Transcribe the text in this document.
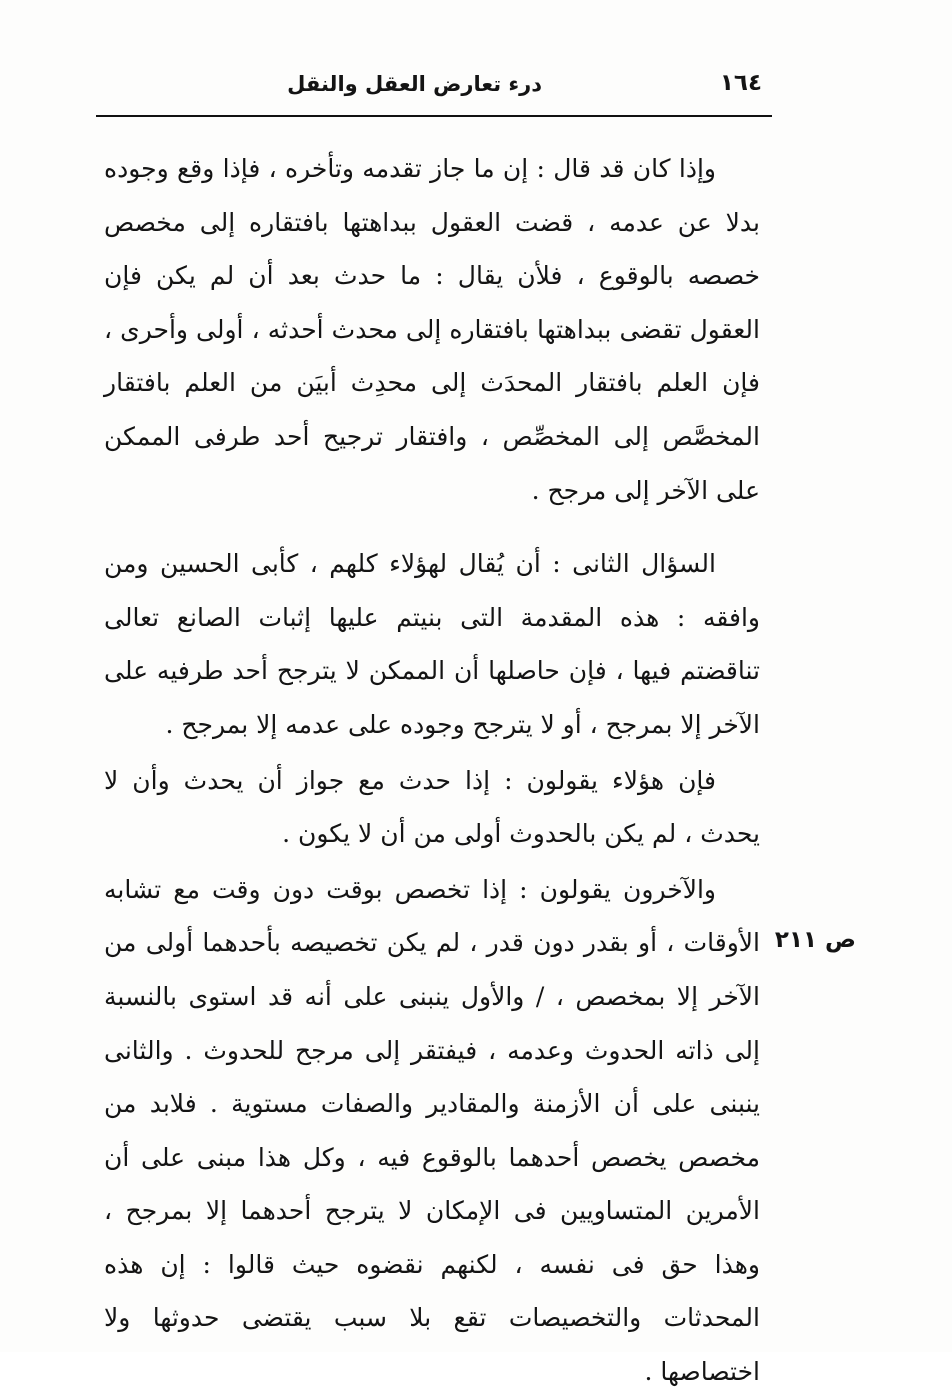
١٦٤
درء تعارض العقل والنقل

وإذا كان قد قال : إن ما جاز تقدمه وتأخره ، فإذا وقع وجوده بدلا عن عدمه ، قضت العقول ببداهتها بافتقاره إلى مخصص خصصه بالوقوع ، فلأن يقال : ما حدث بعد أن لم يكن فإن العقول تقضى ببداهتها بافتقاره إلى محدث أحدثه ، أولى وأحرى ، فإن العلم بافتقار المحدَث إلى محدِث أبيَن من العلم بافتقار المخصَّص إلى المخصِّص ، وافتقار ترجيح أحد طرفى الممكن على الآخر إلى مرجح .

السؤال الثانى : أن يُقال لهؤلاء كلهم ، كأبى الحسين ومن وافقه : هذه المقدمة التى بنيتم عليها إثبات الصانع تعالى تناقضتم فيها ، فإن حاصلها أن الممكن لا يترجح أحد طرفيه على الآخر إلا بمرجح ، أو لا يترجح وجوده على عدمه إلا بمرجح .

فإن هؤلاء يقولون : إذا حدث مع جواز أن يحدث وأن لا يحدث ، لم يكن بالحدوث أولى من أن لا يكون .

والآخرون يقولون : إذا تخصص بوقت دون وقت مع تشابه الأوقات ، أو بقدر دون قدر ، لم يكن تخصيصه بأحدهما أولى من الآخر إلا بمخصص ، / والأول ينبنى على أنه قد استوى بالنسبة إلى ذاته الحدوث وعدمه ، فيفتقر إلى مرجح للحدوث . والثانى ينبنى على أن الأزمنة والمقادير والصفات مستوية . فلابد من مخصص يخصص أحدهما بالوقوع فيه ، وكل هذا مبنى على أن الأمرين المتساويين فى الإمكان لا يترجح أحدهما إلا بمرجح ، وهذا حق فى نفسه ، لكنهم نقضوه حيث قالوا : إن هذه المحدثات والتخصيصات تقع بلا سبب يقتضى حدوثها ولا اختصاصها .

ص ٢١١
